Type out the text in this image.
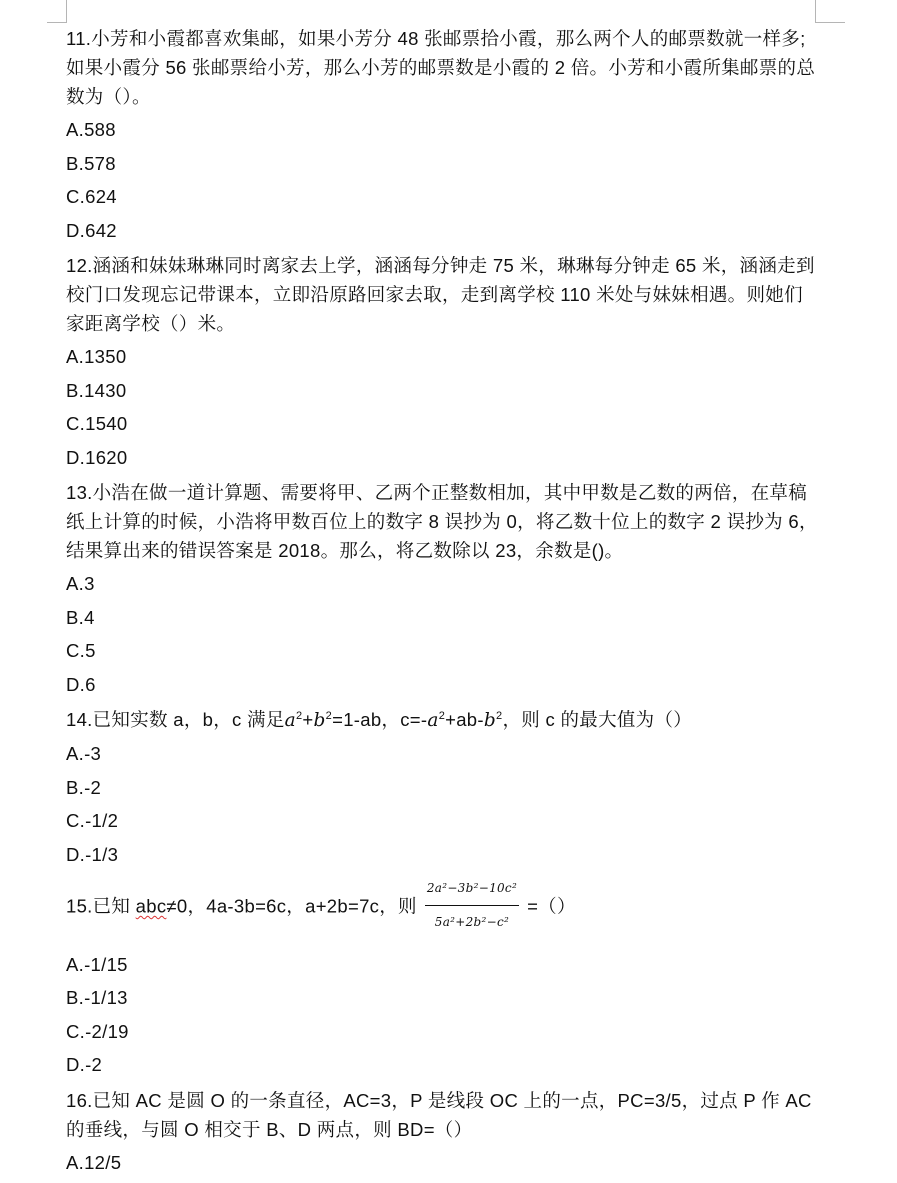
11.小芳和小霞都喜欢集邮，如果小芳分 48 张邮票拾小霞，那么两个人的邮票数就一样多;如果小霞分 56 张邮票给小芳，那么小芳的邮票数是小霞的 2 倍。小芳和小霞所集邮票的总数为（）。
A.588
B.578
C.624
D.642
12.涵涵和妹妹琳琳同时离家去上学，涵涵每分钟走 75 米，琳琳每分钟走 65 米，涵涵走到校门口发现忘记带课本，立即沿原路回家去取，走到离学校 110 米处与妹妹相遇。则她们家距离学校（）米。
A.1350
B.1430
C.1540
D.1620
13.小浩在做一道计算题、需要将甲、乙两个正整数相加，其中甲数是乙数的两倍，在草稿纸上计算的时候，小浩将甲数百位上的数字 8 误抄为 0，将乙数十位上的数字 2 误抄为 6，结果算出来的错误答案是 2018。那么，将乙数除以 23，余数是()。
A.3
B.4
C.5
D.6
14.已知实数 a，b，c 满足$a^2+b^2=1-ab$，$c=-a^2+ab-b^2$，则 c 的最大值为（）
A.-3
B.-2
C.-1/2
D.-1/3
15.已知 abc≠0，4a-3b=6c，a+2b=7c，则 $\frac{\text{2a²−3b²−10c²}}{\text{5a²+2b²−c²}}$ =（）
A.-1/15
B.-1/13
C.-2/19
D.-2
16.已知 AC 是圆 O 的一条直径，AC=3，P 是线段 OC 上的一点，PC=3/5，过点 P 作 AC 的垂线，与圆 O 相交于 B、D 两点，则 BD=（）
A.12/5
